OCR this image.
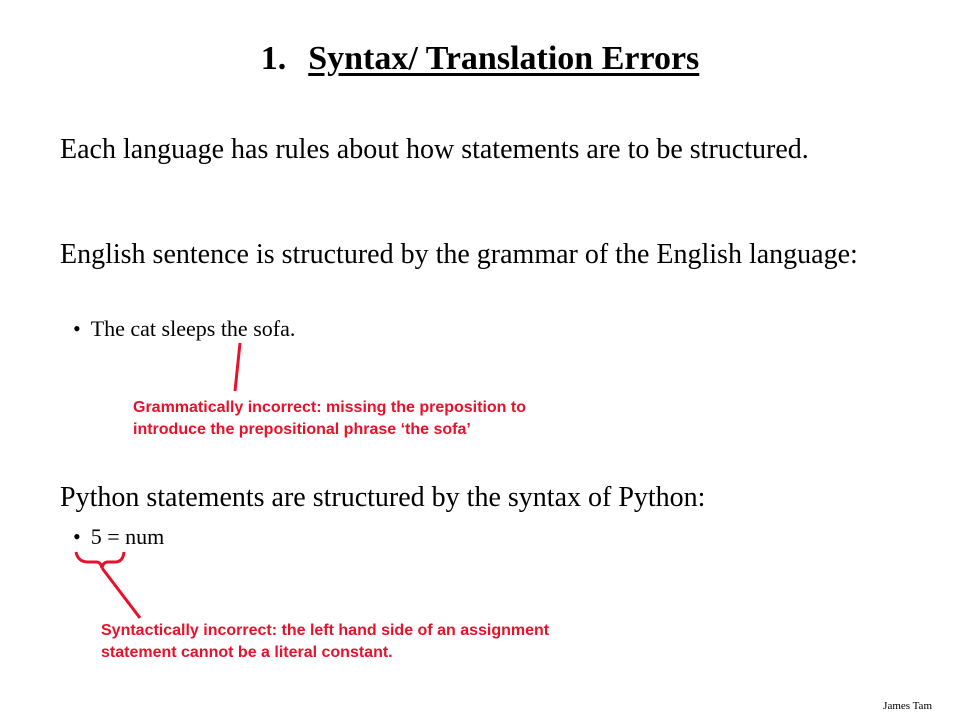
1. Syntax/ Translation Errors
Each language has rules about how statements are to be structured.
English sentence is structured by the grammar of the English language:
• The cat sleeps the sofa.
Grammatically incorrect: missing the preposition to
introduce the prepositional phrase ‘the sofa’
Python statements are structured by the syntax of Python:
• 5 = num
Syntactically incorrect: the left hand side of an assignment
statement cannot be a literal constant.
James Tam
